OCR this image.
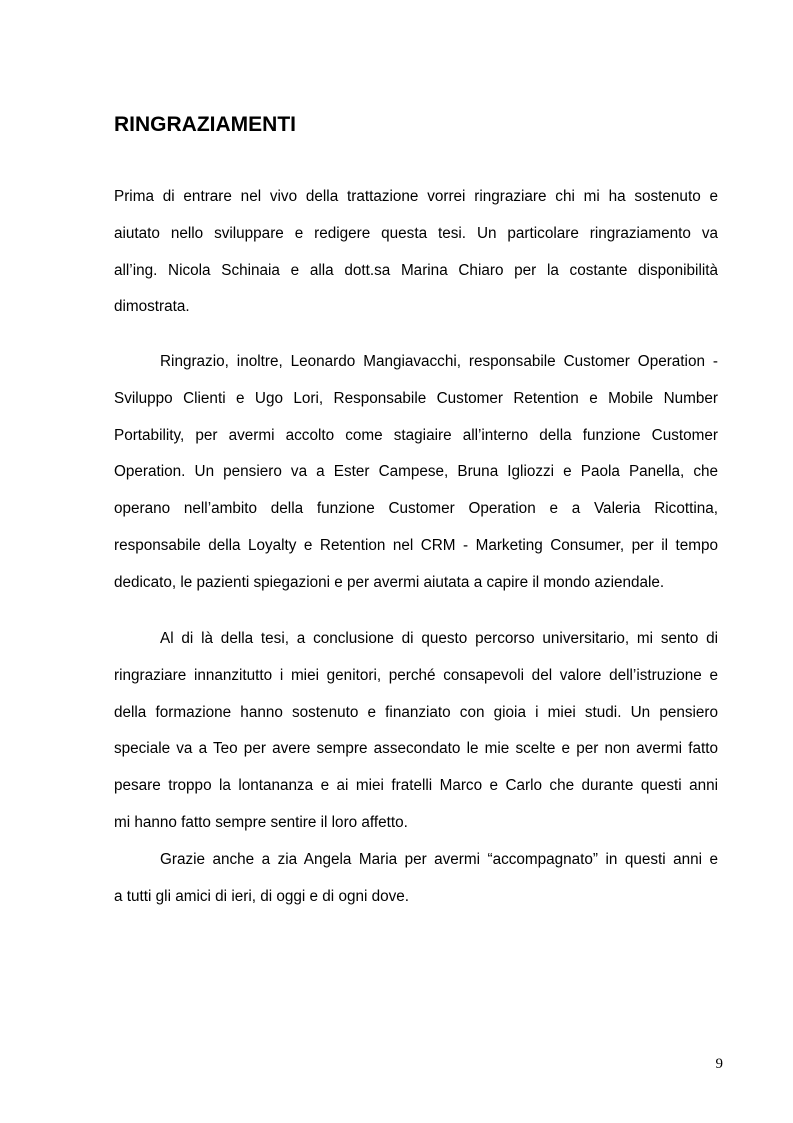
RINGRAZIAMENTI

Prima di entrare nel vivo della trattazione vorrei ringraziare chi mi ha sostenuto e
aiutato nello sviluppare e redigere questa tesi. Un particolare ringraziamento va
all’ing. Nicola Schinaia e alla dott.sa Marina Chiaro per la costante disponibilità
dimostrata.

Ringrazio, inoltre, Leonardo Mangiavacchi, responsabile Customer Operation -
Sviluppo Clienti e Ugo Lori, Responsabile Customer Retention e Mobile Number
Portability, per avermi accolto come stagiaire all’interno della funzione Customer
Operation. Un pensiero va a Ester Campese, Bruna Igliozzi e Paola Panella, che
operano nell’ambito della funzione Customer Operation e a Valeria Ricottina,
responsabile della Loyalty e Retention nel CRM - Marketing Consumer, per il tempo
dedicato, le pazienti spiegazioni e per avermi aiutata a capire il mondo aziendale.

Al di là della tesi, a conclusione di questo percorso universitario, mi sento di
ringraziare innanzitutto i miei genitori, perché consapevoli del valore dell’istruzione e
della formazione hanno sostenuto e finanziato con gioia i miei studi. Un pensiero
speciale va a Teo per avere sempre assecondato le mie scelte e per non avermi fatto
pesare troppo la lontananza e ai miei fratelli Marco e Carlo che durante questi anni
mi hanno fatto sempre sentire il loro affetto.

Grazie anche a zia Angela Maria per avermi “accompagnato” in questi anni e
a tutti gli amici di ieri, di oggi e di ogni dove.

9
